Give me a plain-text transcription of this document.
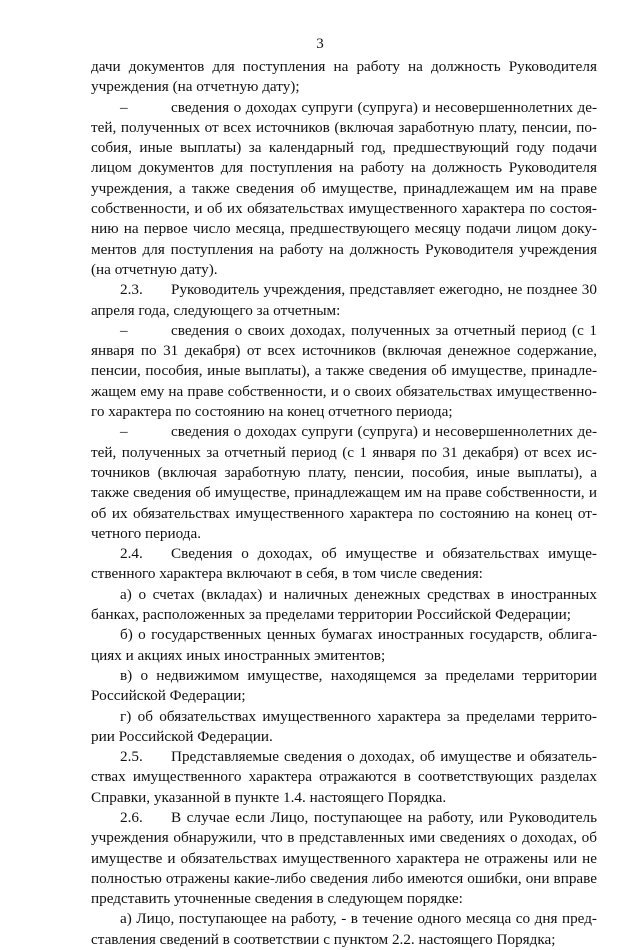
3
дачи документов для поступления на работу на должность Руководителя
учреждения (на отчетную дату);
–	сведения о доходах супруги (супруга) и несовершеннолетних де-
тей, полученных от всех источников (включая заработную плату, пенсии, по-
собия, иные выплаты) за календарный год, предшествующий году подачи
лицом документов для поступления на работу на должность Руководителя
учреждения, а также сведения об имуществе, принадлежащем им на праве
собственности, и об их обязательствах имущественного характера по состоя-
нию на первое число месяца, предшествующего месяцу подачи лицом доку-
ментов для поступления на работу на должность Руководителя учреждения
(на отчетную дату).
2.3. Руководитель учреждения, представляет ежегодно, не позднее 30
апреля года, следующего за отчетным:
–	сведения о своих доходах, полученных за отчетный период (с 1
января по 31 декабря) от всех источников (включая денежное содержание,
пенсии, пособия, иные выплаты), а также сведения об имуществе, принадле-
жащем ему на праве собственности, и о своих обязательствах имущественно-
го характера по состоянию на конец отчетного периода;
–	сведения о доходах супруги (супруга) и несовершеннолетних де-
тей, полученных за отчетный период (с 1 января по 31 декабря) от всех ис-
точников (включая заработную плату, пенсии, пособия, иные выплаты), а
также сведения об имуществе, принадлежащем им на праве собственности, и
об их обязательствах имущественного характера по состоянию на конец от-
четного периода.
2.4. Сведения о доходах, об имуществе и обязательствах имуще-
ственного характера включают в себя, в том числе сведения:
а) о счетах (вкладах) и наличных денежных средствах в иностранных
банках, расположенных за пределами территории Российской Федерации;
б) о государственных ценных бумагах иностранных государств, облига-
циях и акциях иных иностранных эмитентов;
в) о недвижимом имуществе, находящемся за пределами территории
Российской Федерации;
г) об обязательствах имущественного характера за пределами террито-
рии Российской Федерации.
2.5. Представляемые сведения о доходах, об имуществе и обязатель-
ствах имущественного характера отражаются в соответствующих разделах
Справки, указанной в пункте 1.4. настоящего Порядка.
2.6. В случае если Лицо, поступающее на работу, или Руководитель
учреждения обнаружили, что в представленных ими сведениях о доходах, об
имуществе и обязательствах имущественного характера не отражены или не
полностью отражены какие-либо сведения либо имеются ошибки, они вправе
представить уточненные сведения в следующем порядке:
а) Лицо, поступающее на работу, - в течение одного месяца со дня пред-
ставления сведений в соответствии с пунктом 2.2. настоящего Порядка;
